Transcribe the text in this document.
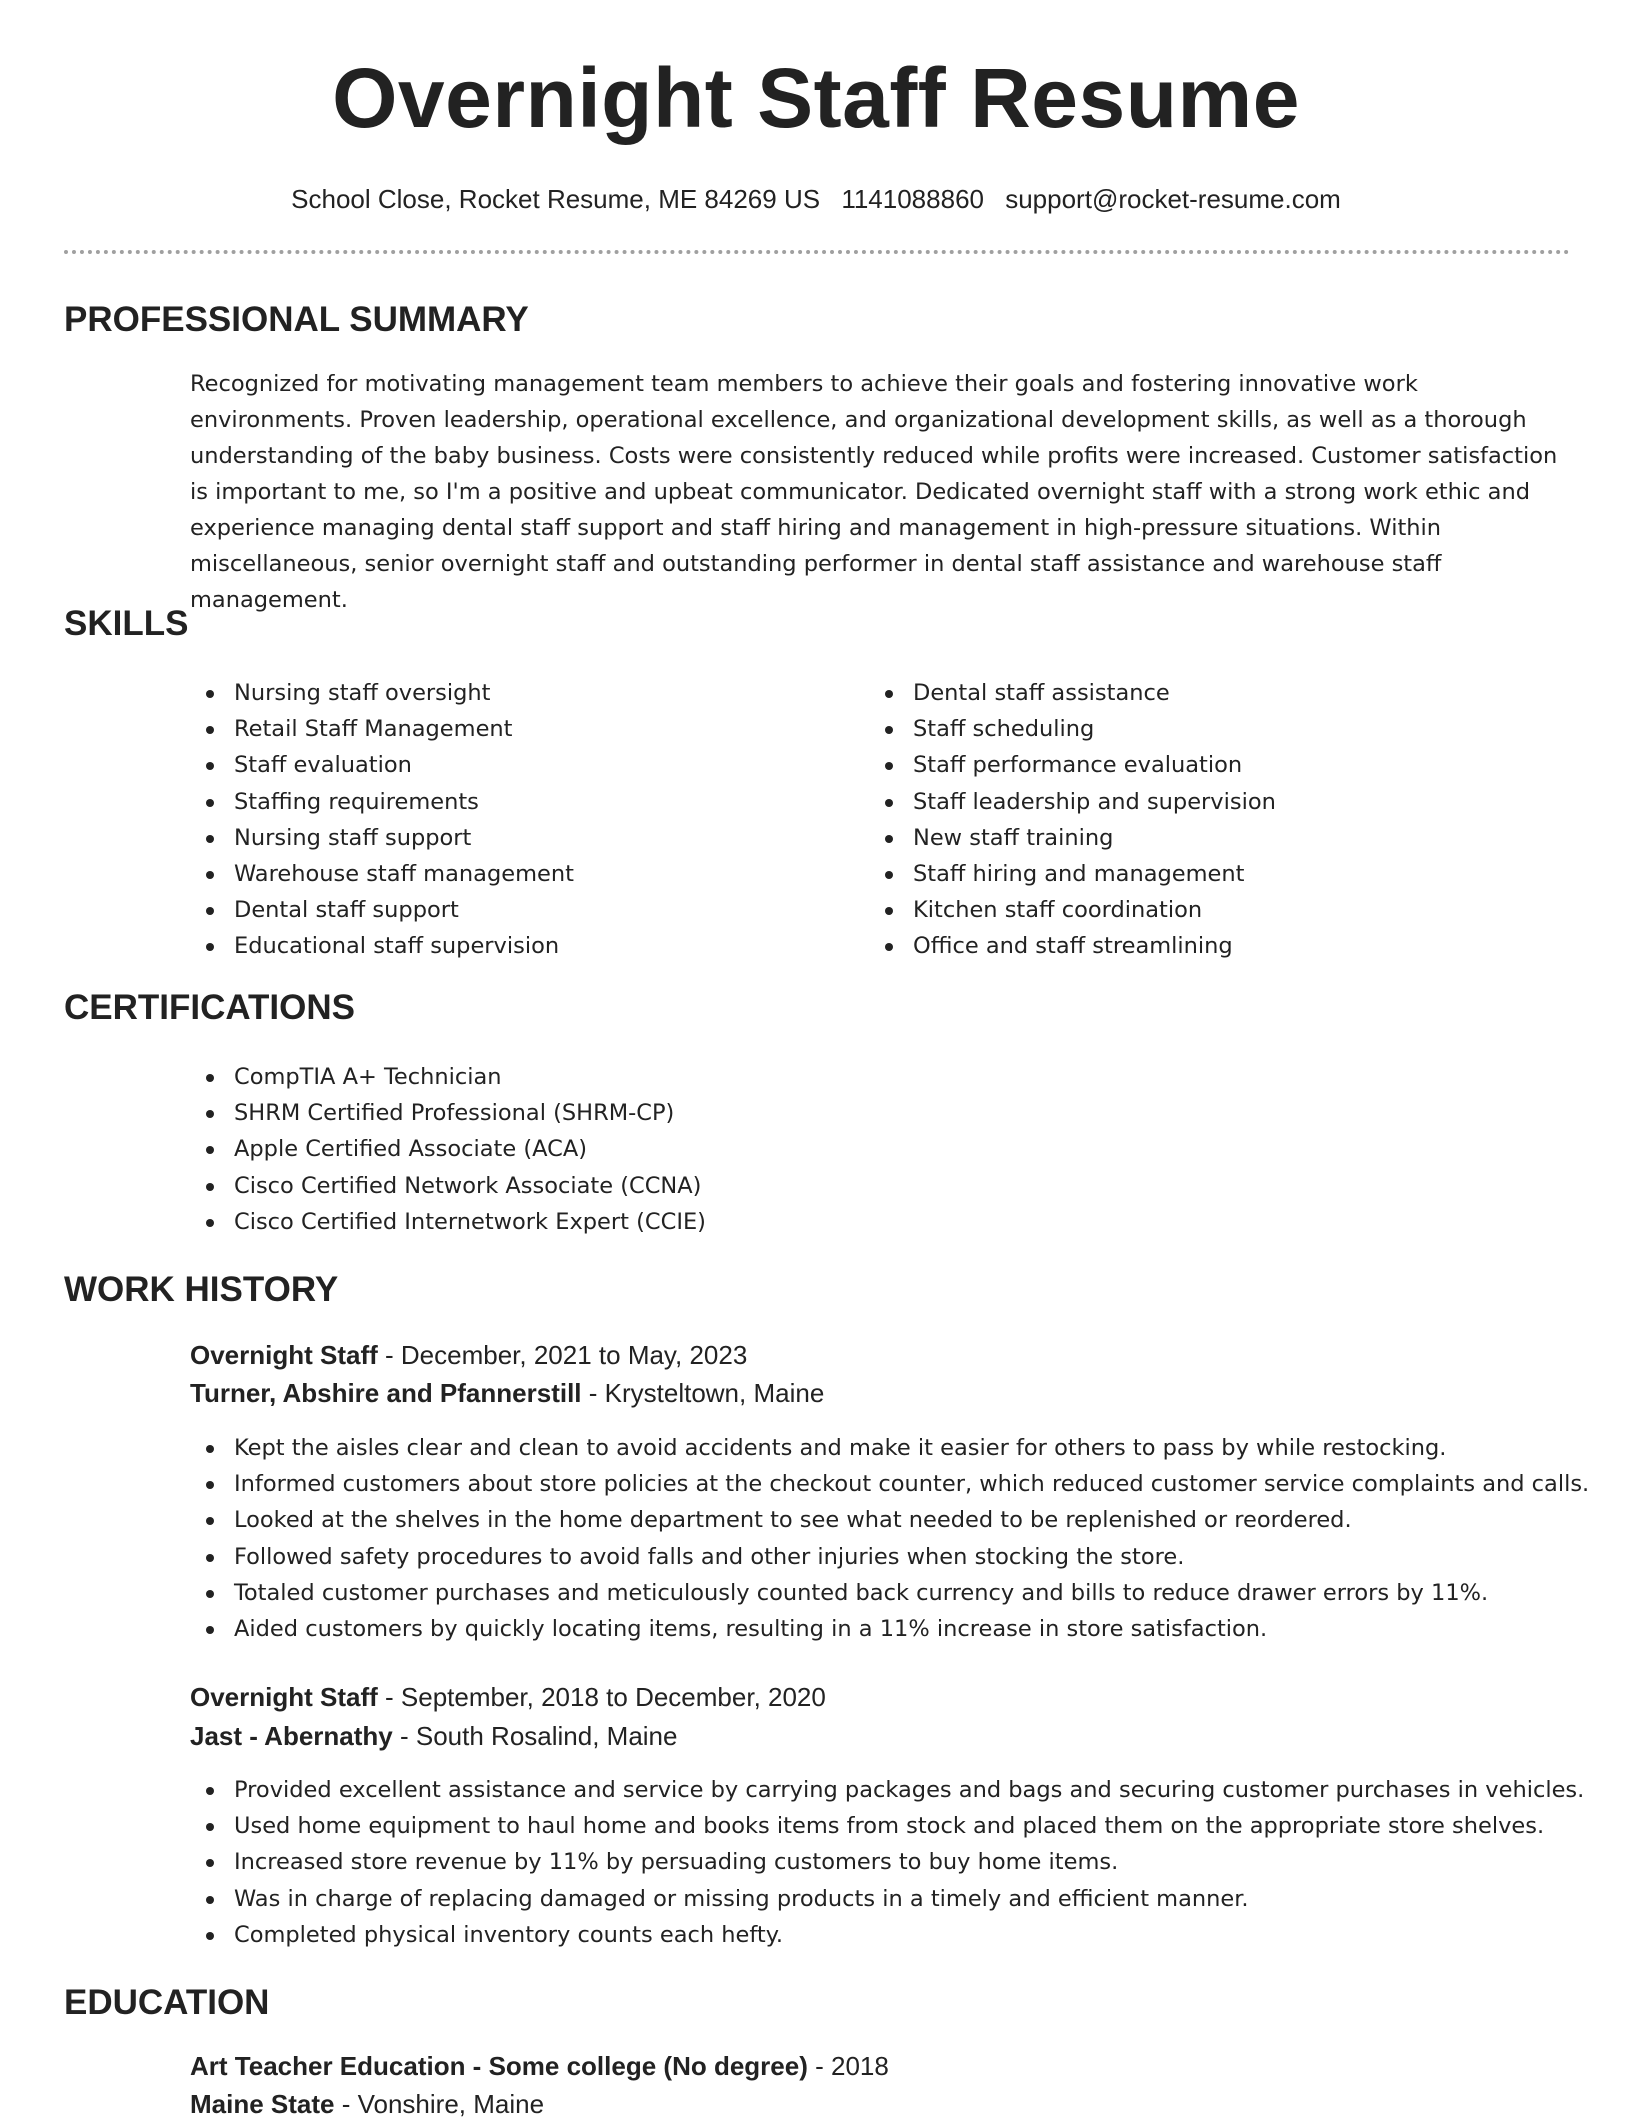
Overnight Staff Resume
School Close, Rocket Resume, ME 84269 US 1141088860 support@rocket-resume.com
PROFESSIONAL SUMMARY

Recognized for motivating management team members to achieve their goals and fostering innovative work environments. Proven leadership, operational excellence, and organizational development skills, as well as a thorough understanding of the baby business. Costs were consistently reduced while profits were increased. Customer satisfaction is important to me, so I'm a positive and upbeat communicator. Dedicated overnight staff with a strong work ethic and experience managing dental staff support and staff hiring and management in high-pressure situations. Within miscellaneous, senior overnight staff and outstanding performer in dental staff assistance and warehouse staff management.

SKILLS
Nursing staff oversight
Retail Staff Management
Staff evaluation
Staffing requirements
Nursing staff support
Warehouse staff management
Dental staff support
Educational staff supervision
Dental staff assistance
Staff scheduling
Staff performance evaluation
Staff leadership and supervision
New staff training
Staff hiring and management
Kitchen staff coordination
Office and staff streamlining
CERTIFICATIONS
CompTIA A+ Technician
SHRM Certified Professional (SHRM-CP)
Apple Certified Associate (ACA)
Cisco Certified Network Associate (CCNA)
Cisco Certified Internetwork Expert (CCIE)
WORK HISTORY
Overnight Staff - December, 2021 to May, 2023
Turner, Abshire and Pfannerstill - Krysteltown, Maine
Kept the aisles clear and clean to avoid accidents and make it easier for others to pass by while restocking.
Informed customers about store policies at the checkout counter, which reduced customer service complaints and calls.
Looked at the shelves in the home department to see what needed to be replenished or reordered.
Followed safety procedures to avoid falls and other injuries when stocking the store.
Totaled customer purchases and meticulously counted back currency and bills to reduce drawer errors by 11%.
Aided customers by quickly locating items, resulting in a 11% increase in store satisfaction.
Overnight Staff - September, 2018 to December, 2020
Jast - Abernathy - South Rosalind, Maine
Provided excellent assistance and service by carrying packages and bags and securing customer purchases in vehicles.
Used home equipment to haul home and books items from stock and placed them on the appropriate store shelves.
Increased store revenue by 11% by persuading customers to buy home items.
Was in charge of replacing damaged or missing products in a timely and efficient manner.
Completed physical inventory counts each hefty.
EDUCATION
Art Teacher Education - Some college (No degree) - 2018
Maine State - Vonshire, Maine
